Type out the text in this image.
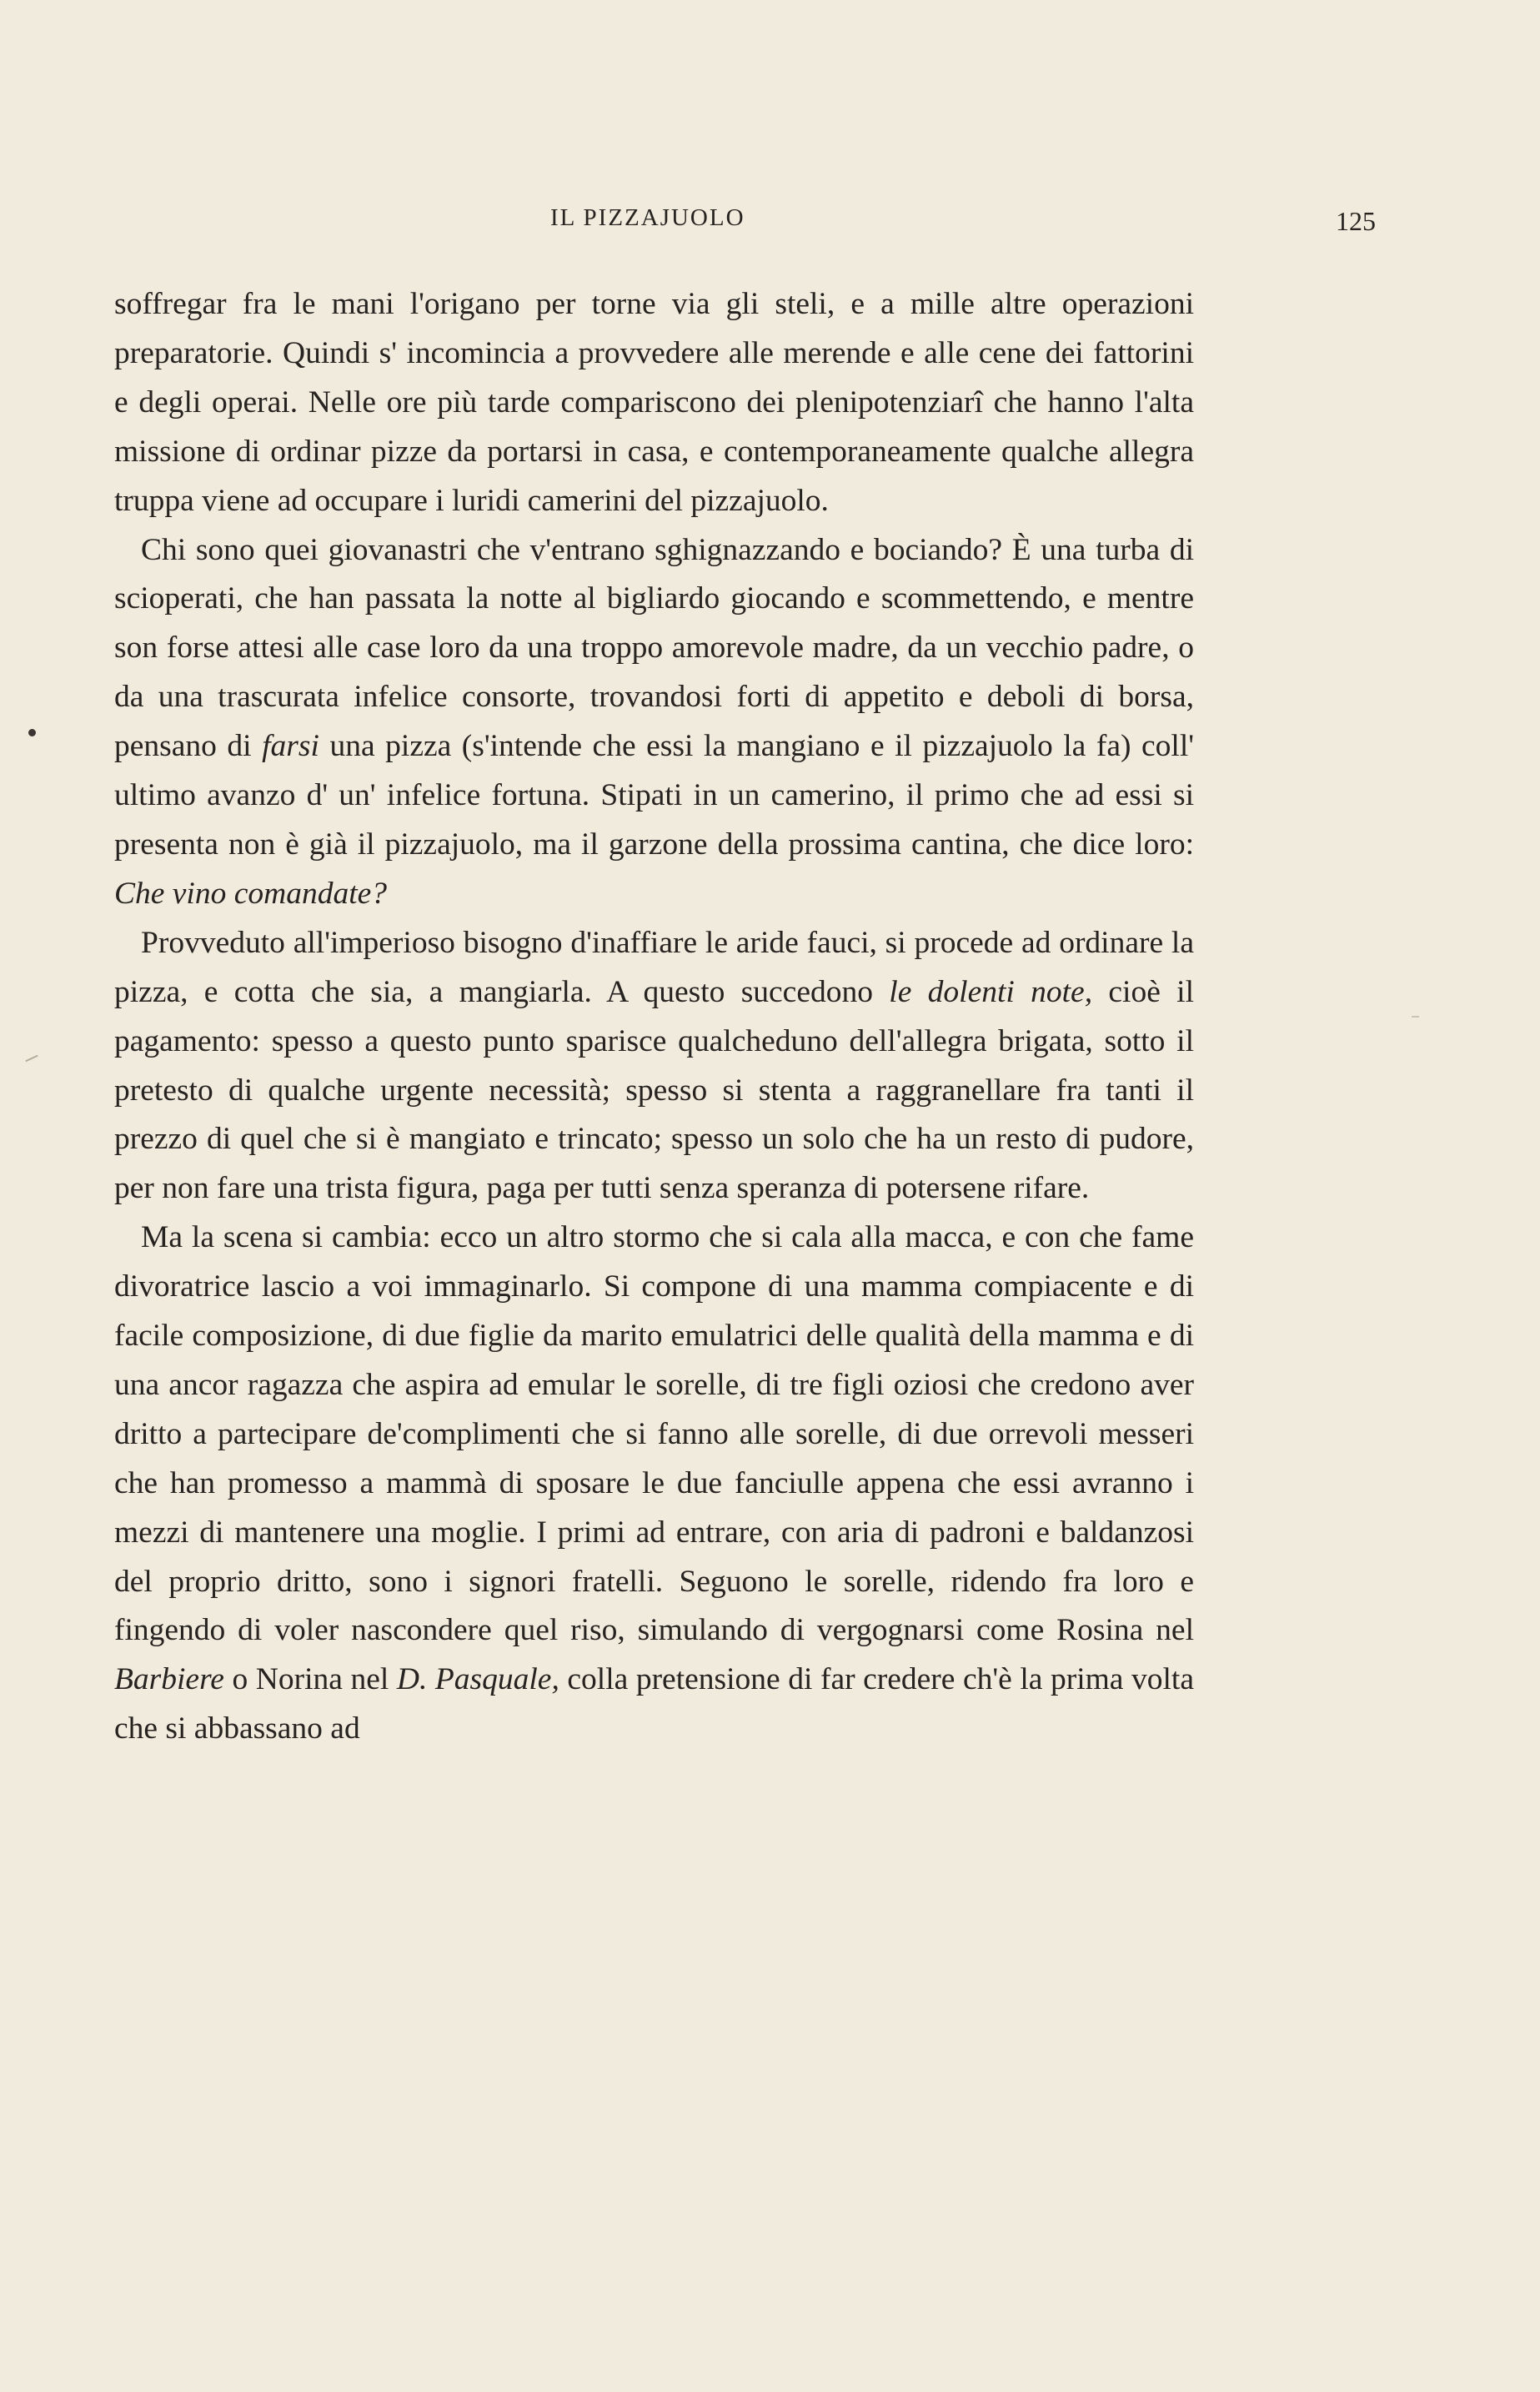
IL PIZZAJUOLO	125

soffregar fra le mani l'origano per torne via gli steli, e a mille altre operazioni preparatorie. Quindi s' incomincia a provvedere alle merende e alle cene dei fattorini e degli operai. Nelle ore più tarde compariscono dei plenipotenziarî che hanno l'alta missione di ordinar pizze da portarsi in casa, e contemporaneamente qualche allegra truppa viene ad occupare i luridi camerini del pizzajuolo.

Chi sono quei giovanastri che v'entrano sghignazzando e bociando? È una turba di scioperati, che han passata la notte al bigliardo giocando e scommettendo, e mentre son forse attesi alle case loro da una troppo amorevole madre, da un vecchio padre, o da una trascurata infelice consorte, trovandosi forti di appetito e deboli di borsa, pensano di farsi una pizza (s'intende che essi la mangiano e il pizzajuolo la fa) coll' ultimo avanzo d' un' infelice fortuna. Stipati in un camerino, il primo che ad essi si presenta non è già il pizzajuolo, ma il garzone della prossima cantina, che dice loro: Che vino comandate?

Provveduto all'imperioso bisogno d'inaffiare le aride fauci, si procede ad ordinare la pizza, e cotta che sia, a mangiarla. A questo succedono le dolenti note, cioè il pagamento: spesso a questo punto sparisce qualcheduno dell'allegra brigata, sotto il pretesto di qualche urgente necessità; spesso si stenta a raggranellare fra tanti il prezzo di quel che si è mangiato e trincato; spesso un solo che ha un resto di pudore, per non fare una trista figura, paga per tutti senza speranza di potersene rifare.

Ma la scena si cambia: ecco un altro stormo che si cala alla macca, e con che fame divoratrice lascio a voi immaginarlo. Si compone di una mamma compiacente e di facile composizione, di due figlie da marito emulatrici delle qualità della mamma e di una ancor ragazza che aspira ad emular le sorelle, di tre figli oziosi che credono aver dritto a partecipare de'complimenti che si fanno alle sorelle, di due orrevoli messeri che han promesso a mammà di sposare le due fanciulle appena che essi avranno i mezzi di mantenere una moglie. I primi ad entrare, con aria di padroni e baldanzosi del proprio dritto, sono i signori fratelli. Seguono le sorelle, ridendo fra loro e fingendo di voler nascondere quel riso, simulando di vergognarsi come Rosina nel Barbiere o Norina nel D. Pasquale, colla pretensione di far credere ch'è la prima volta che si abbassano ad
